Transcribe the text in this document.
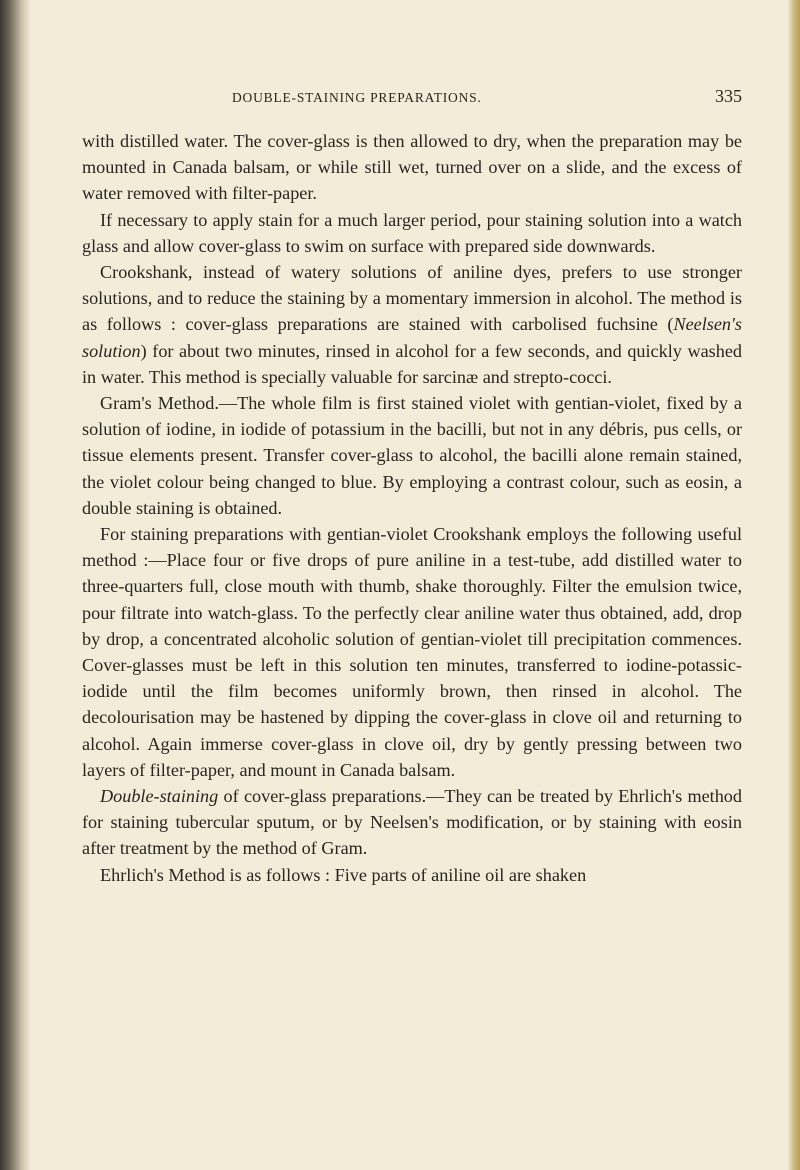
DOUBLE-STAINING PREPARATIONS.	335

with distilled water. The cover-glass is then allowed to dry, when the preparation may be mounted in Canada balsam, or while still wet, turned over on a slide, and the excess of water removed with filter-paper.

If necessary to apply stain for a much larger period, pour staining solution into a watch glass and allow cover-glass to swim on surface with prepared side downwards.

Crookshank, instead of watery solutions of aniline dyes, prefers to use stronger solutions, and to reduce the staining by a momentary immersion in alcohol. The method is as follows : cover-glass preparations are stained with carbolised fuchsine (Neelsen's solution) for about two minutes, rinsed in alcohol for a few seconds, and quickly washed in water. This method is specially valuable for sarcinæ and strepto-cocci.

Gram's Method.—The whole film is first stained violet with gentian-violet, fixed by a solution of iodine, in iodide of potassium in the bacilli, but not in any débris, pus cells, or tissue elements present. Transfer cover-glass to alcohol, the bacilli alone remain stained, the violet colour being changed to blue. By employing a contrast colour, such as eosin, a double staining is obtained.

For staining preparations with gentian-violet Crookshank employs the following useful method :—Place four or five drops of pure aniline in a test-tube, add distilled water to three-quarters full, close mouth with thumb, shake thoroughly. Filter the emulsion twice, pour filtrate into watch-glass. To the perfectly clear aniline water thus obtained, add, drop by drop, a concentrated alcoholic solution of gentian-violet till precipitation commences. Cover-glasses must be left in this solution ten minutes, transferred to iodine-potassic-iodide until the film becomes uniformly brown, then rinsed in alcohol. The decolourisation may be hastened by dipping the cover-glass in clove oil and returning to alcohol. Again immerse cover-glass in clove oil, dry by gently pressing between two layers of filter-paper, and mount in Canada balsam.

Double-staining of cover-glass preparations.—They can be treated by Ehrlich's method for staining tubercular sputum, or by Neelsen's modification, or by staining with eosin after treatment by the method of Gram.

Ehrlich's Method is as follows : Five parts of aniline oil are shaken
